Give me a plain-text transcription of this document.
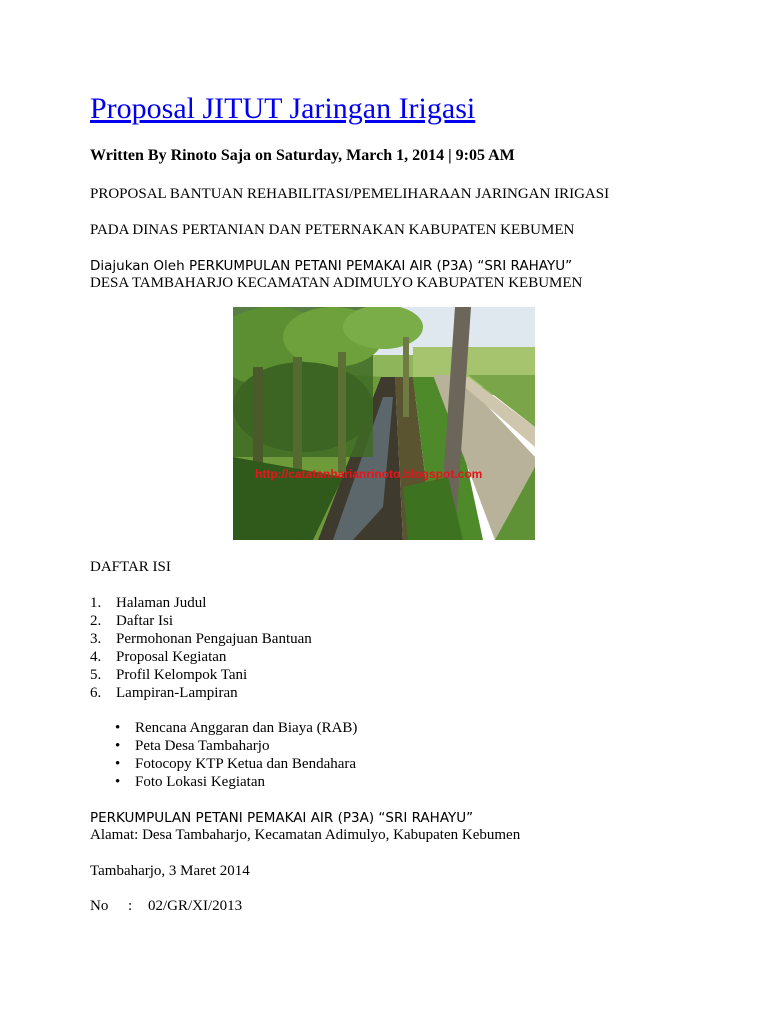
Proposal JITUT Jaringan Irigasi
Written By Rinoto Saja on Saturday, March 1, 2014 | 9:05 AM
PROPOSAL BANTUAN REHABILITASI/PEMELIHARAAN JARINGAN IRIGASI
PADA DINAS PERTANIAN DAN PETERNAKAN KABUPATEN KEBUMEN
Diajukan Oleh PERKUMPULAN PETANI PEMAKAI AIR (P3A) “SRI RAHAYU”
DESA TAMBAHARJO KECAMATAN ADIMULYO KABUPATEN KEBUMEN
http://catatanharianrinoto.blogspot.com
DAFTAR ISI
1. Halaman Judul
2. Daftar Isi
3. Permohonan Pengajuan Bantuan
4. Proposal Kegiatan
5. Profil Kelompok Tani
6. Lampiran-Lampiran
• Rencana Anggaran dan Biaya (RAB)
• Peta Desa Tambaharjo
• Fotocopy KTP Ketua dan Bendahara
• Foto Lokasi Kegiatan
PERKUMPULAN PETANI PEMAKAI AIR (P3A) “SRI RAHAYU”
Alamat: Desa Tambaharjo, Kecamatan Adimulyo, Kabupaten Kebumen
Tambaharjo, 3 Maret 2014
No : 02/GR/XI/2013
